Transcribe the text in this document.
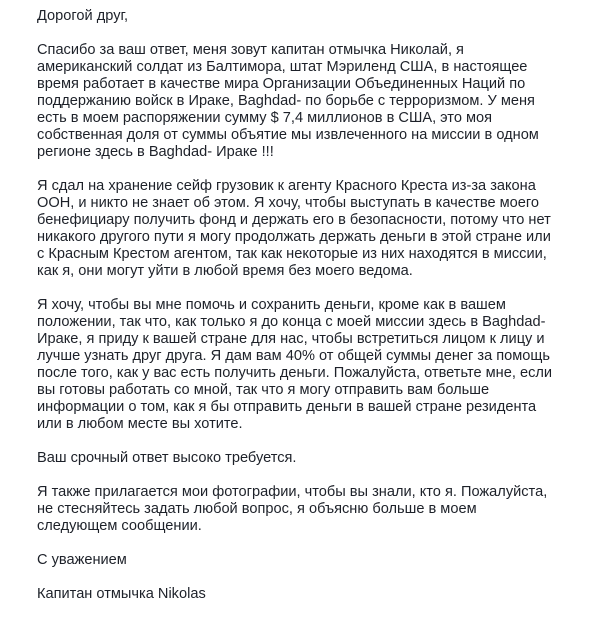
Дорогой друг,

Спасибо за ваш ответ, меня зовут капитан отмычка Николай, я
американский солдат из Балтимора, штат Мэриленд США, в настоящее
время работает в качестве мира Организации Объединенных Наций по
поддержанию войск в Ираке, Baghdad- по борьбе с терроризмом. У меня
есть в моем распоряжении сумму $ 7,4 миллионов в США, это моя
собственная доля от суммы объятие мы извлеченного на миссии в одном
регионе здесь в Baghdad- Ираке !!!

Я сдал на хранение сейф грузовик к агенту Красного Креста из-за закона
ООН, и никто не знает об этом. Я хочу, чтобы выступать в качестве моего
бенефициару получить фонд и держать его в безопасности, потому что нет
никакого другого пути я могу продолжать держать деньги в этой стране или
с Красным Крестом агентом, так как некоторые из них находятся в миссии,
как я, они могут уйти в любой время без моего ведома.

Я хочу, чтобы вы мне помочь и сохранить деньги, кроме как в вашем
положении, так что, как только я до конца с моей миссии здесь в Baghdad-
Ираке, я приду к вашей стране для нас, чтобы встретиться лицом к лицу и
лучше узнать друг друга. Я дам вам 40% от общей суммы денег за помощь
после того, как у вас есть получить деньги. Пожалуйста, ответьте мне, если
вы готовы работать со мной, так что я могу отправить вам больше
информации о том, как я бы отправить деньги в вашей стране резидента
или в любом месте вы хотите.

Ваш срочный ответ высоко требуется.

Я также прилагается мои фотографии, чтобы вы знали, кто я. Пожалуйста,
не стесняйтесь задать любой вопрос, я объясню больше в моем
следующем сообщении.

С уважением

Капитан отмычка Nikolas
